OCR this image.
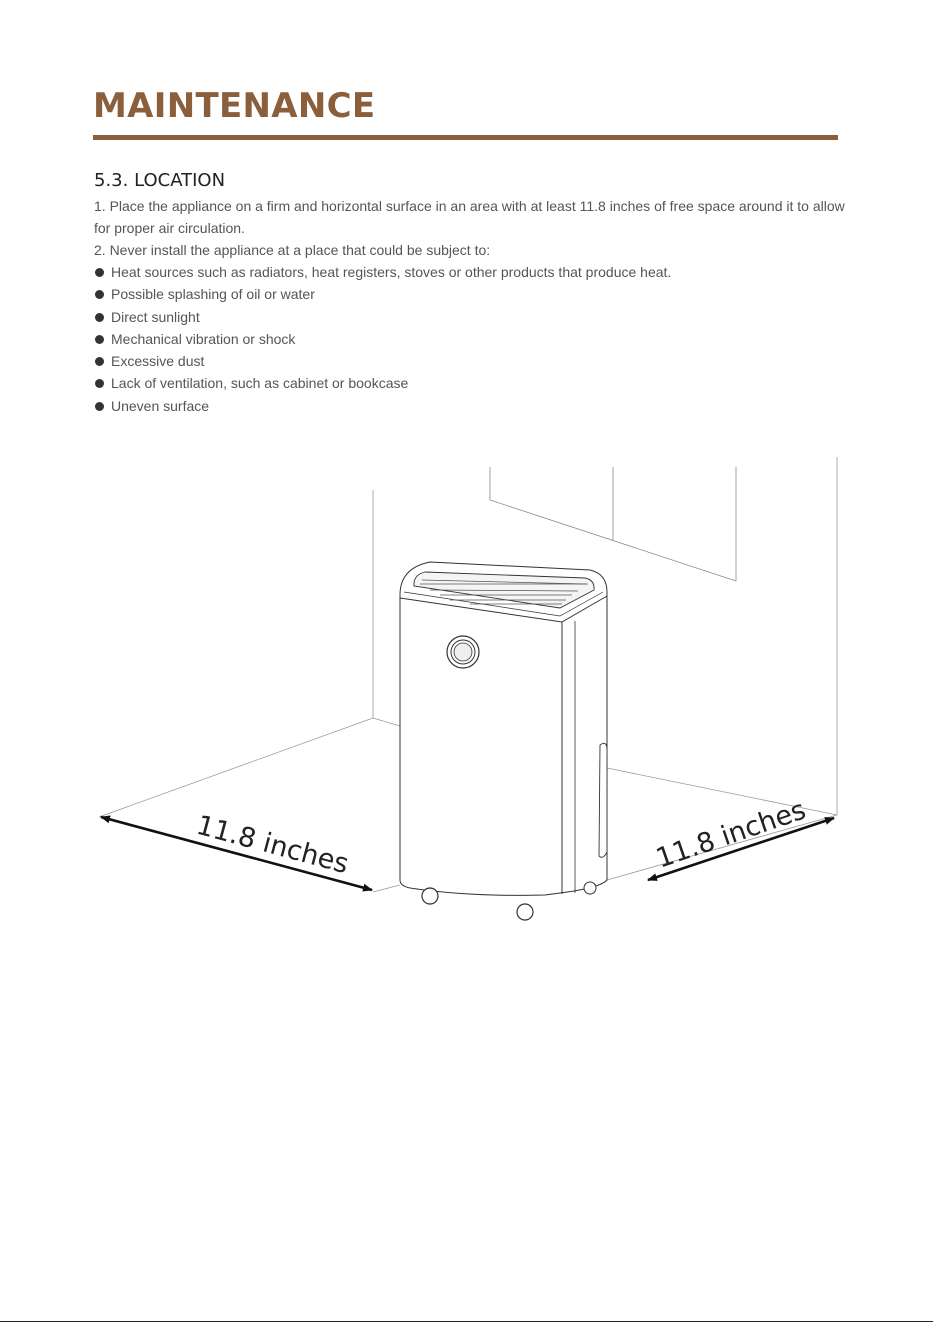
MAINTENANCE
5.3. LOCATION

1. Place the appliance on a firm and horizontal surface in an area with at least 11.8 inches of free space around it to allow for proper air circulation.

2. Never install the appliance at a place that could be subject to:

Heat sources such as radiators, heat registers, stoves or other products that produce heat.
Possible splashing of oil or water
Direct sunlight
Mechanical vibration or shock
Excessive dust
Lack of ventilation, such as cabinet or bookcase
Uneven surface
11.8 inches	11.8 inches
